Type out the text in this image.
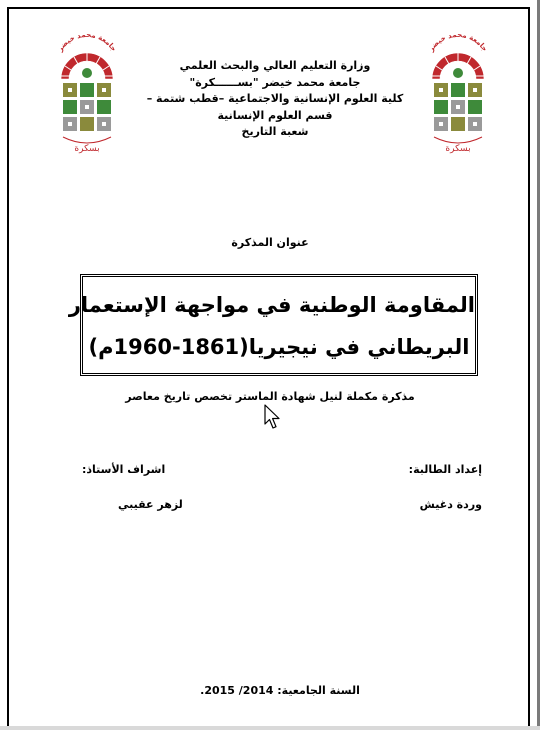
جامعة محمد خيضر
بسكرة
جامعة محمد خيضر
بسكرة
وزارة التعليم العالي والبحث العلمي
جامعة محمد خيضر "بســــــكرة"
كلية العلوم الإنسانية والاجتماعية –قطب شتمة –
قسم العلوم الإنسانية
شعبة التاريخ
عنوان المذكرة
المقاومة الوطنية في مواجهة الإستعمار
البريطاني في نيجيريا(1861-1960م)
مذكرة مكملة لنيل شهادة الماستر تخصص تاريخ معاصر
إعداد الطالبة:
وردة دغيش
اشراف الأستاذ:
لزهر عقيبي
السنة الجامعية: 2014/ 2015.
